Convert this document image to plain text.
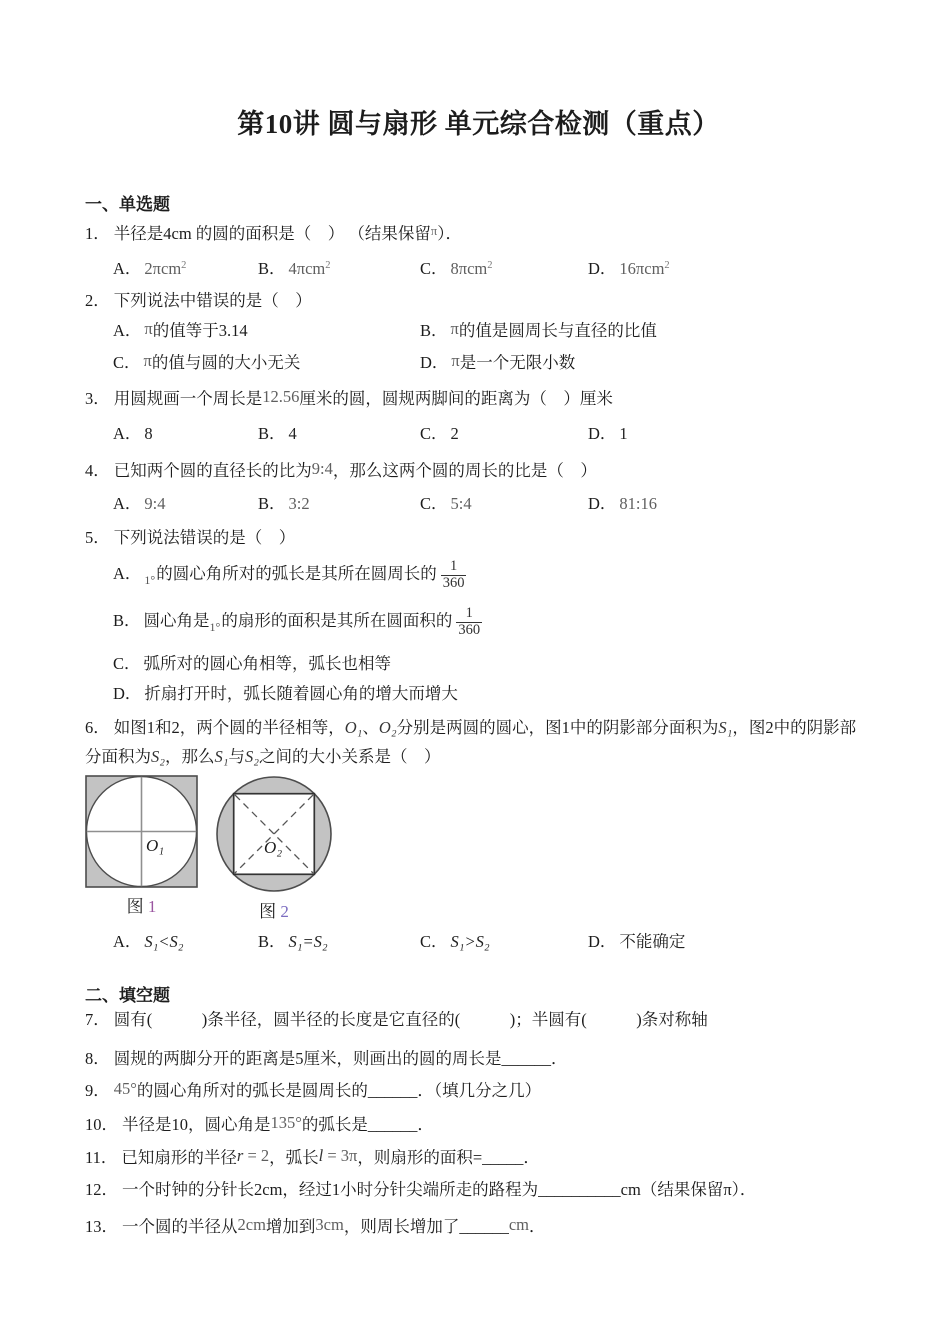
第10讲 圆与扇形 单元综合检测（重点）
一、单选题
1． 半径是4cm 的圆的面积是（　） （结果保留$^\pi$）．
A． 2πcm$^2$	B． 4πcm$^2$	C． 8πcm$^2$	D． 16πcm$^2$
2． 下列说法中错误的是（　）
A． π的值等于3.14	B． π的值是圆周长与直径的比值
C． π的值与圆的大小无关	D． π是一个无限小数
3． 用圆规画一个周长是12.56厘米的圆，圆规两脚间的距离为（　）厘米
A． 8	B． 4	C． 2	D． 1
4． 已知两个圆的直径长的比为9:4，那么这两个圆的周长的比是（　）
A． 9:4	B． 3:2	C． 5:4	D． 81:16
5． 下列说法错误的是（　）
A． $_{1^\circ}$的圆心角所对的弧长是其所在圆周长的 $\frac{1}{360}$
B． 圆心角是$_{1^\circ}$的扇形的面积是其所在圆面积的 $\frac{1}{360}$
C． 弧所对的圆心角相等，弧长也相等
D． 折扇打开时，弧长随着圆心角的增大而增大
6． 如图1和2，两个圆的半径相等，O₁、O₂分别是两圆的圆心，图1中的阴影部分面积为S₁，图2中的阴影部分面积为S₂，那么S₁与S₂之间的大小关系是（　）
O₁
图 1
O₂
图 2
A． S₁<S₂	B． S₁=S₂	C． S₁>S₂	D． 不能确定
二、填空题
7． 圆有(　　　)条半径，圆半径的长度是它直径的(　　　)；半圆有(　　　)条对称轴
8． 圆规的两脚分开的距离是5厘米，则画出的圆的周长是______．
9． 45°的圆心角所对的弧长是圆周长的______．（填几分之几）
10． 半径是10，圆心角是135°的弧长是______．
11． 已知扇形的半径r = 2，弧长l = 3π，则扇形的面积=_____．
12． 一个时钟的分针长2cm，经过1小时分针尖端所走的路程为__________cm（结果保留π）．
13． 一个圆的半径从2cm增加到3cm，则周长增加了______cm．
